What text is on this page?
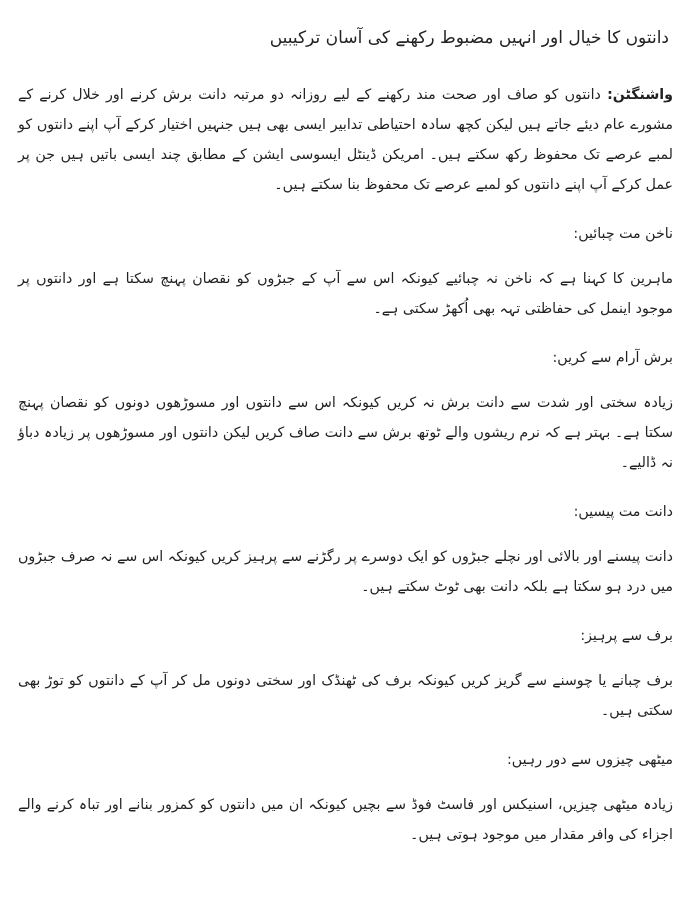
دانتوں کا خیال اور انہیں مضبوط رکھنے کی آسان ترکیبیں

واشنگٹن: دانتوں کو صاف اور صحت مند رکھنے کے لیے روزانہ دو مرتبہ دانت برش کرنے اور خلال کرنے کے مشورے عام دیئے جاتے ہیں لیکن کچھ سادہ احتیاطی تدابیر ایسی بھی ہیں جنہیں اختیار کرکے آپ اپنے دانتوں کو لمبے عرصے تک محفوظ رکھ سکتے ہیں۔ امریکن ڈینٹل ایسوسی ایشن کے مطابق چند ایسی باتیں ہیں جن پر عمل کرکے آپ اپنے دانتوں کو لمبے عرصے تک محفوظ بنا سکتے ہیں۔

ناخن مت چبائیں:

ماہرین کا کہنا ہے کہ ناخن نہ چبائیے کیونکہ اس سے آپ کے جبڑوں کو نقصان پہنچ سکتا ہے اور دانتوں پر موجود اینمل کی حفاظتی تہہ بھی اُکھڑ سکتی ہے۔

برش آرام سے کریں:

زیادہ سختی اور شدت سے دانت برش نہ کریں کیونکہ اس سے دانتوں اور مسوڑھوں دونوں کو نقصان پہنچ سکتا ہے۔ بہتر ہے کہ نرم ریشوں والے ٹوتھ برش سے دانت صاف کریں لیکن دانتوں اور مسوڑھوں پر زیادہ دباؤ نہ ڈالیے۔

دانت مت پیسیں:

دانت پیسنے اور بالائی اور نچلے جبڑوں کو ایک دوسرے پر رگڑنے سے پرہیز کریں کیونکہ اس سے نہ صرف جبڑوں میں درد ہو سکتا ہے بلکہ دانت بھی ٹوٹ سکتے ہیں۔

برف سے پرہیز:

برف چبانے یا چوسنے سے گریز کریں کیونکہ برف کی ٹھنڈک اور سختی دونوں مل کر آپ کے دانتوں کو توڑ بھی سکتی ہیں۔

میٹھی چیزوں سے دور رہیں:

زیادہ میٹھی چیزیں، اسنیکس اور فاسٹ فوڈ سے بچیں کیونکہ ان میں دانتوں کو کمزور بنانے اور تباہ کرنے والے اجزاء کی وافر مقدار میں موجود ہوتی ہیں۔
